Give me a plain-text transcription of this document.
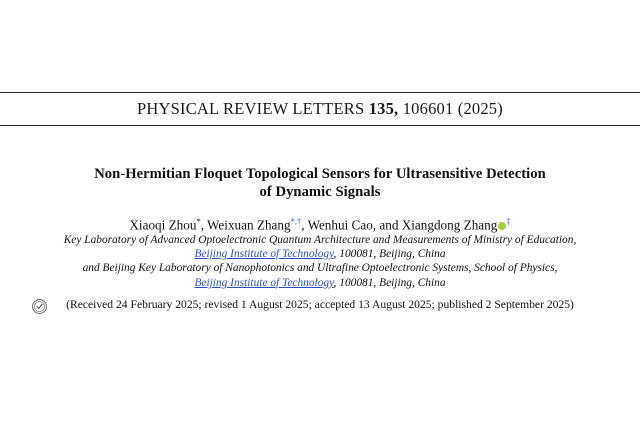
PHYSICAL REVIEW LETTERS 135, 106601 (2025)
Non-Hermitian Floquet Topological Sensors for Ultrasensitive Detection
of Dynamic Signals
Xiaoqi Zhou*, Weixuan Zhang*,†, Wenhui Cao, and Xiangdong Zhang ‡
Key Laboratory of Advanced Optoelectronic Quantum Architecture and Measurements of Ministry of Education,
Beijing Institute of Technology, 100081, Beijing, China
and Beijing Key Laboratory of Nanophotonics and Ultrafine Optoelectronic Systems, School of Physics,
Beijing Institute of Technology, 100081, Beijing, China
(Received 24 February 2025; revised 1 August 2025; accepted 13 August 2025; published 2 September 2025)
